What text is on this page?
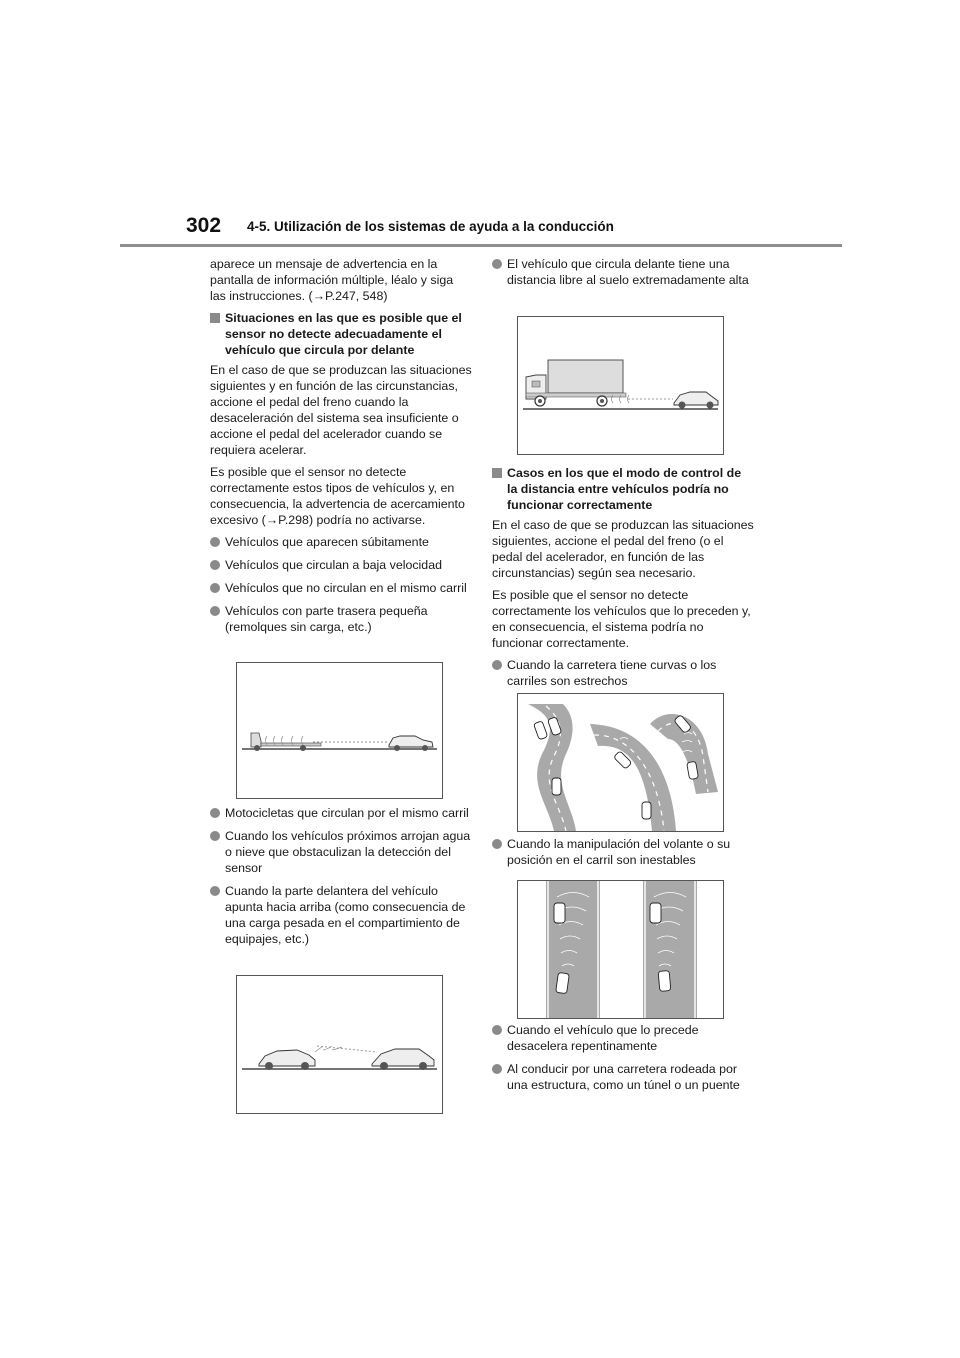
302 4-5. Utilización de los sistemas de ayuda a la conducción

aparece un mensaje de advertencia en la pantalla de información múltiple, léalo y siga las instrucciones. (→P.247, 548)

Situaciones en las que es posible que el sensor no detecte adecuadamente el vehículo que circula por delante

En el caso de que se produzcan las situaciones siguientes y en función de las circunstancias, accione el pedal del freno cuando la desaceleración del sistema sea insuficiente o accione el pedal del acelerador cuando se requiera acelerar.

Es posible que el sensor no detecte correctamente estos tipos de vehículos y, en consecuencia, la advertencia de acercamiento excesivo (→P.298) podría no activarse.

Vehículos que aparecen súbitamente
Vehículos que circulan a baja velocidad
Vehículos que no circulan en el mismo carril
Vehículos con parte trasera pequeña (remolques sin carga, etc.)
Motocicletas que circulan por el mismo carril
Cuando los vehículos próximos arrojan agua o nieve que obstaculizan la detección del sensor
Cuando la parte delantera del vehículo apunta hacia arriba (como consecuencia de una carga pesada en el compartimiento de equipajes, etc.)
El vehículo que circula delante tiene una distancia libre al suelo extremadamente alta
Casos en los que el modo de control de la distancia entre vehículos podría no funcionar correctamente

En el caso de que se produzcan las situaciones siguientes, accione el pedal del freno (o el pedal del acelerador, en función de las circunstancias) según sea necesario.

Es posible que el sensor no detecte correctamente los vehículos que lo preceden y, en consecuencia, el sistema podría no funcionar correctamente.

Cuando la carretera tiene curvas o los carriles son estrechos
Cuando la manipulación del volante o su posición en el carril son inestables
Cuando el vehículo que lo precede desacelera repentinamente
Al conducir por una carretera rodeada por una estructura, como un túnel o un puente
